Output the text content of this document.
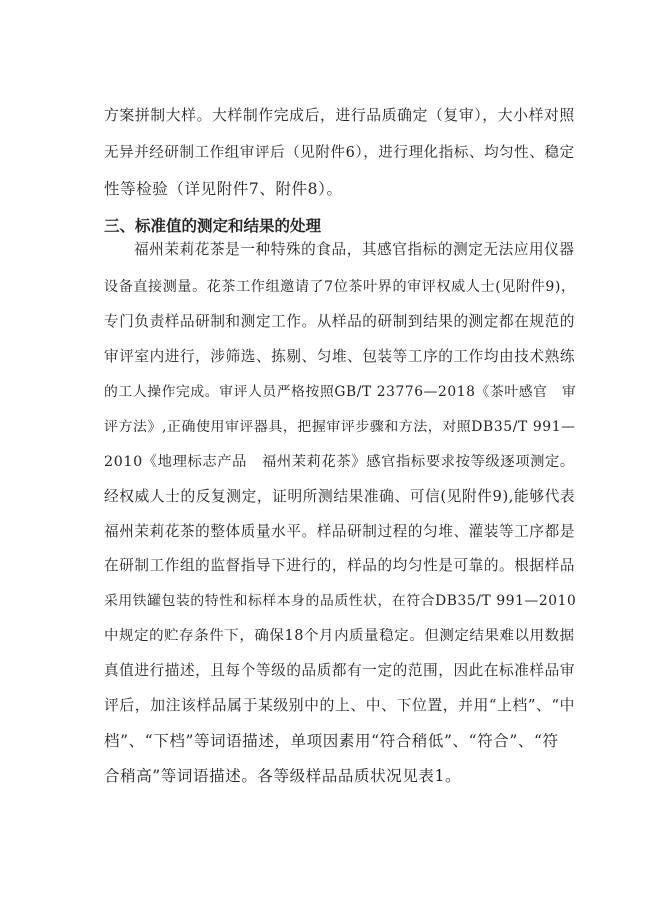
方案拼制大样。大样制作完成后，进行品质确定（复审），大小样对照

无异并经研制工作组审评后（见附件6），进行理化指标、均匀性、稳定

性等检验（详见附件7、附件8）。

三、标准值的测定和结果的处理

福州茉莉花茶是一种特殊的食品，其感官指标的测定无法应用仪器

设备直接测量。花茶工作组邀请了7位茶叶界的审评权威人士(见附件9)，

专门负责样品研制和测定工作。从样品的研制到结果的测定都在规范的

审评室内进行，涉筛选、拣剔、匀堆、包装等工序的工作均由技术熟练

的工人操作完成。审评人员严格按照GB/T 23776—2018《茶叶感官　审

评方法》,正确使用审评器具，把握审评步骤和方法，对照DB35/T 991—

2010《地理标志产品　福州茉莉花茶》感官指标要求按等级逐项测定。

经权威人士的反复测定，证明所测结果准确、可信(见附件9),能够代表

福州茉莉花茶的整体质量水平。样品研制过程的匀堆、灌装等工序都是

在研制工作组的监督指导下进行的，样品的均匀性是可靠的。根据样品

采用铁罐包装的特性和标样本身的品质性状，在符合DB35/T 991—2010

中规定的贮存条件下，确保18个月内质量稳定。但测定结果难以用数据

真值进行描述，且每个等级的品质都有一定的范围，因此在标准样品审

评后，加注该样品属于某级别中的上、中、下位置，并用“上档”、“中

档”、“下档”等词语描述，单项因素用“符合稍低”、“符合”、“符

合稍高”等词语描述。各等级样品品质状况见表1。
